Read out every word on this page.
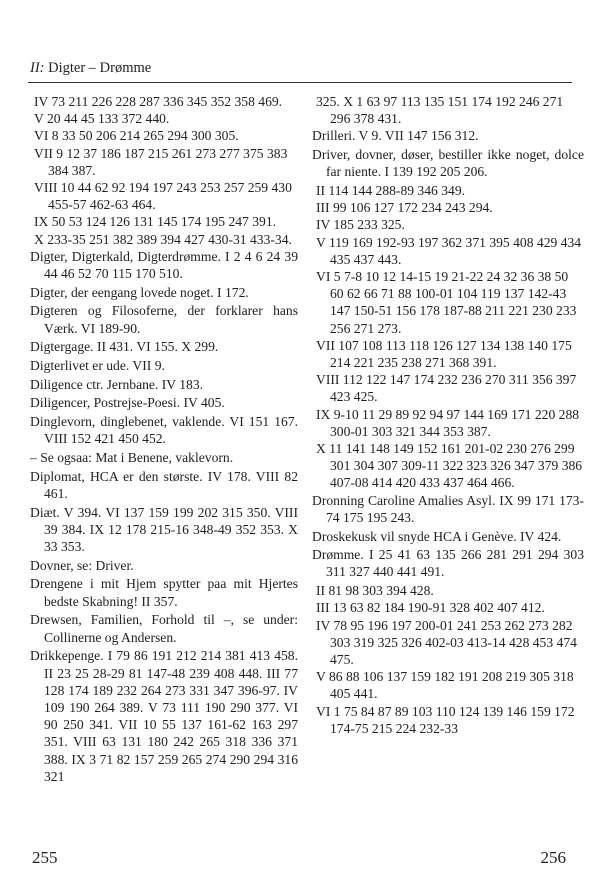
II: Digter – Drømme

IV 73 211 226 228 287 336 345 352 358 469.

V 20 44 45 133 372 440.

VI 8 33 50 206 214 265 294 300 305.

VII 9 12 37 186 187 215 261 273 277 375 383 384 387.

VIII 10 44 62 92 194 197 243 253 257 259 430 455-57 462-63 464.

IX 50 53 124 126 131 145 174 195 247 391.

X 233-35 251 382 389 394 427 430-31 433-34.

Digter, Digterkald, Digterdrømme. I 2 4 6 24 39 44 46 52 70 115 170 510.

Digter, der eengang lovede noget. I 172.

Digteren og Filosoferne, der forklarer hans Værk. VI 189-90.

Digtergage. II 431. VI 155. X 299.

Digterlivet er ude. VII 9.

Diligence ctr. Jernbane. IV 183.

Diligencer, Postrejse-Poesi. IV 405.

Dinglevorn, dinglebenet, vaklende. VI 151 167. VIII 152 421 450 452.

– Se ogsaa: Mat i Benene, vaklevorn.

Diplomat, HCA er den største. IV 178. VIII 82 461.

Diæt. V 394. VI 137 159 199 202 315 350. VIII 39 384. IX 12 178 215-16 348-49 352 353. X 33 353.

Dovner, se: Driver.

Drengene i mit Hjem spytter paa mit Hjertes bedste Skabning! II 357.

Drewsen, Familien, Forhold til –, se under: Collinerne og Andersen.

Drikkepenge. I 79 86 191 212 214 381 413 458. II 23 25 28-29 81 147-48 239 408 448. III 77 128 174 189 232 264 273 331 347 396-97. IV 109 190 264 389. V 73 111 190 290 377. VI 90 250 341. VII 10 55 137 161-62 163 297 351. VIII 63 131 180 242 265 318 336 371 388. IX 3 71 82 157 259 265 274 290 294 316 321

325. X 1 63 97 113 135 151 174 192 246 271 296 378 431.

Drilleri. V 9. VII 147 156 312.

Driver, dovner, døser, bestiller ikke noget, dolce far niente. I 139 192 205 206.

II 114 144 288-89 346 349.

III 99 106 127 172 234 243 294.

IV 185 233 325.

V 119 169 192-93 197 362 371 395 408 429 434 435 437 443.

VI 5 7-8 10 12 14-15 19 21-22 24 32 36 38 50 60 62 66 71 88 100-01 104 119 137 142-43 147 150-51 156 178 187-88 211 221 230 233 256 271 273.

VII 107 108 113 118 126 127 134 138 140 175 214 221 235 238 271 368 391.

VIII 112 122 147 174 232 236 270 311 356 397 423 425.

IX 9-10 11 29 89 92 94 97 144 169 171 220 288 300-01 303 321 344 353 387.

X 11 141 148 149 152 161 201-02 230 276 299 301 304 307 309-11 322 323 326 347 379 386 407-08 414 420 433 437 464 466.

Dronning Caroline Amalies Asyl. IX 99 171 173-74 175 195 243.

Droskekusk vil snyde HCA i Genève. IV 424.

Drømme. I 25 41 63 135 266 281 291 294 303 311 327 440 441 491.

II 81 98 303 394 428.

III 13 63 82 184 190-91 328 402 407 412.

IV 78 95 196 197 200-01 241 253 262 273 282 303 319 325 326 402-03 413-14 428 453 474 475.

V 86 88 106 137 159 182 191 208 219 305 318 405 441.

VI 1 75 84 87 89 103 110 124 139 146 159 172 174-75 215 224 232-33

255	256
